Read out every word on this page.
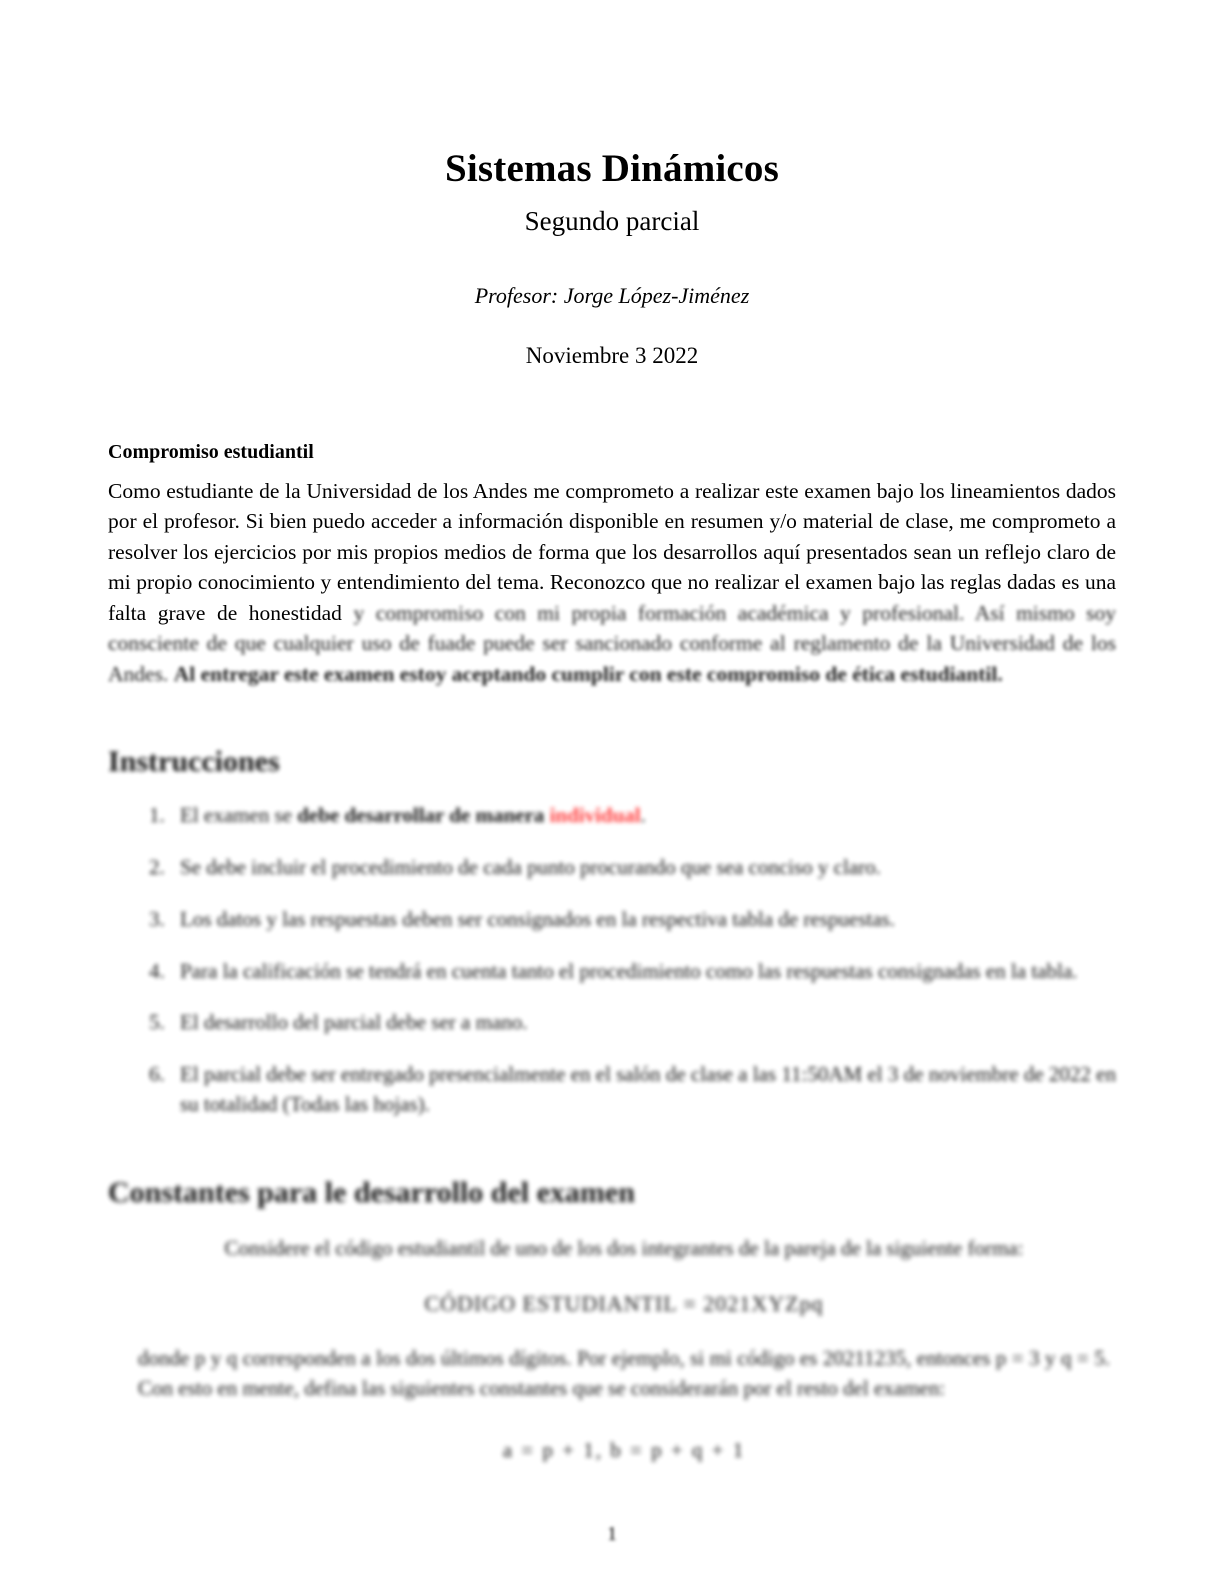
Sistemas Dinámicos
Segundo parcial
Profesor: Jorge López-Jiménez
Noviembre 3 2022
Compromiso estudiantil

Como estudiante de la Universidad de los Andes me comprometo a realizar este examen bajo los lineamientos dados por el profesor. Si bien puedo acceder a información disponible en resumen y/o material de clase, me comprometo a resolver los ejercicios por mis propios medios de forma que los desarrollos aquí presentados sean un reflejo claro de mi propio conocimiento y entendimiento del tema. Reconozco que no realizar el examen bajo las reglas dadas es una falta grave de honestidad y compromiso con mi propia formación académica y profesional. Así mismo soy consciente de que cualquier uso de fuade puede ser sancionado conforme al reglamento de la Universidad de los Andes. Al entregar este examen estoy aceptando cumplir con este compromiso de ética estudiantil.

Instrucciones
1. El examen se debe desarrollar de manera individual.
2. Se debe incluir el procedimiento de cada punto procurando que sea conciso y claro.
3. Los datos y las respuestas deben ser consignados en la respectiva tabla de respuestas.
4. Para la calificación se tendrá en cuenta tanto el procedimiento como las respuestas consignadas en la tabla.
5. El desarrollo del parcial debe ser a mano.
6. El parcial debe ser entregado presencialmente en el salón de clase a las 11:50AM el 3 de noviembre de 2022 en su totalidad (Todas las hojas).
Constantes para le desarrollo del examen
Considere el código estudiantil de uno de los dos integrantes de la pareja de la siguiente forma:
CÓDIGO ESTUDIANTIL = 2021XYZpq

donde p y q corresponden a los dos últimos dígitos. Por ejemplo, si mi código es 20211235, entonces p = 3 y q = 5. Con esto en mente, defina las siguientes constantes que se considerarán por el resto del examen:

a = p + 1, b = p + q + 1
1
